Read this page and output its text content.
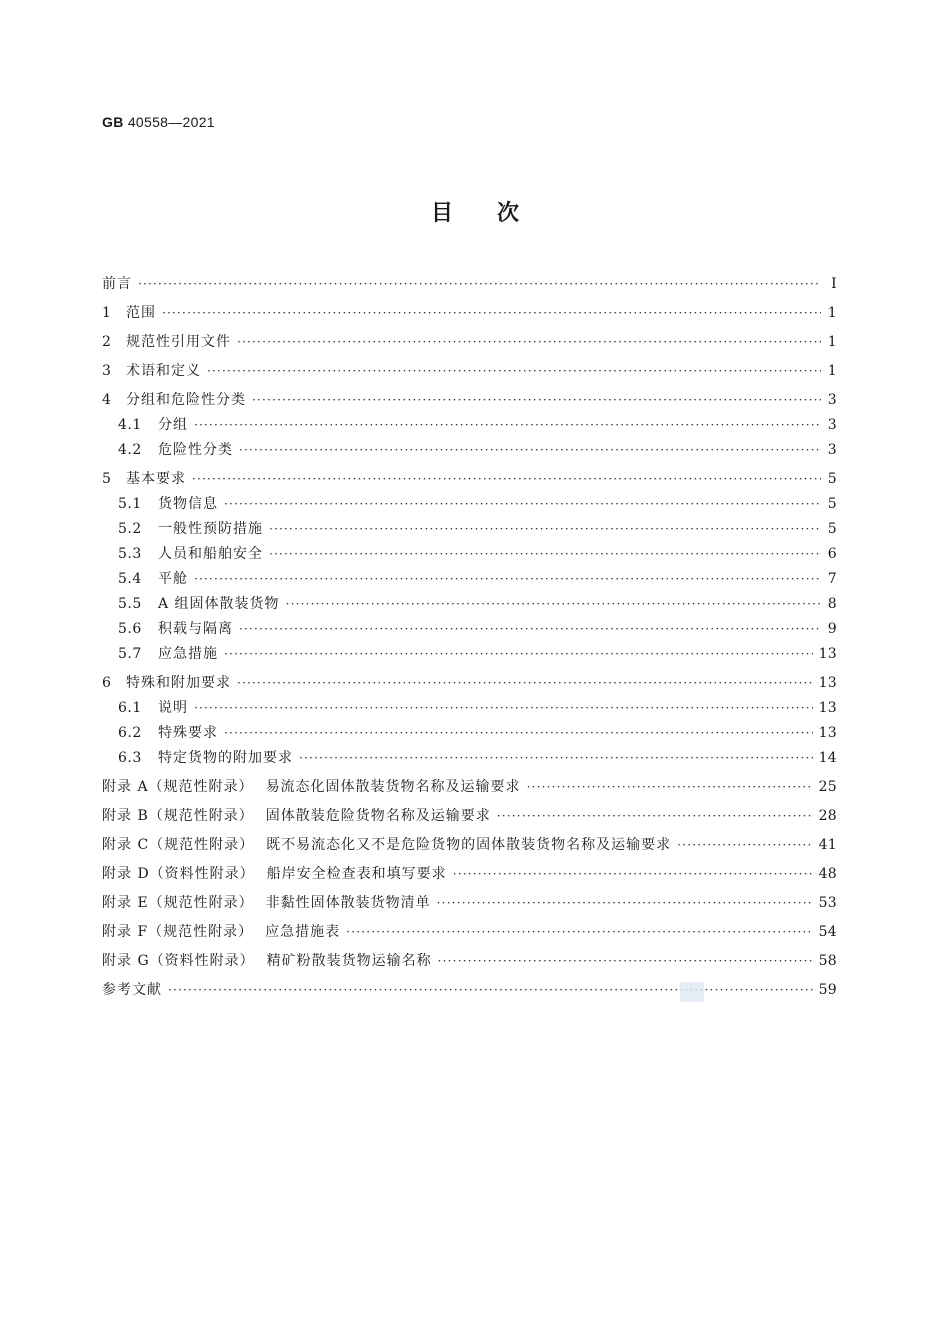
GB 40558—2021
目次
前言 ·····	Ⅰ
1	范围 ·····	1
2	规范性引用文件 ·····	1
3	术语和定义 ·····	1
4	分组和危险性分类 ·····	3
4.1	分组 ·····	3
4.2	危险性分类 ·····	3
5	基本要求 ·····	5
5.1	货物信息 ·····	5
5.2	一般性预防措施 ·····	5
5.3	人员和船舶安全 ·····	6
5.4	平舱 ·····	7
5.5	A 组固体散装货物 ·····	8
5.6	积载与隔离 ·····	9
5.7	应急措施 ·····	13
6	特殊和附加要求 ·····	13
6.1	说明 ·····	13
6.2	特殊要求 ·····	13
6.3	特定货物的附加要求 ·····	14
附录 A（规范性附录） 易流态化固体散装货物名称及运输要求 ·····	25
附录 B（规范性附录） 固体散装危险货物名称及运输要求 ·····	28
附录 C（规范性附录） 既不易流态化又不是危险货物的固体散装货物名称及运输要求 ·····	41
附录 D（资料性附录） 船岸安全检查表和填写要求 ·····	48
附录 E（规范性附录） 非黏性固体散装货物清单 ·····	53
附录 F（规范性附录） 应急措施表 ·····	54
附录 G（资料性附录） 精矿粉散装货物运输名称 ·····	58
参考文献 ·····	59
